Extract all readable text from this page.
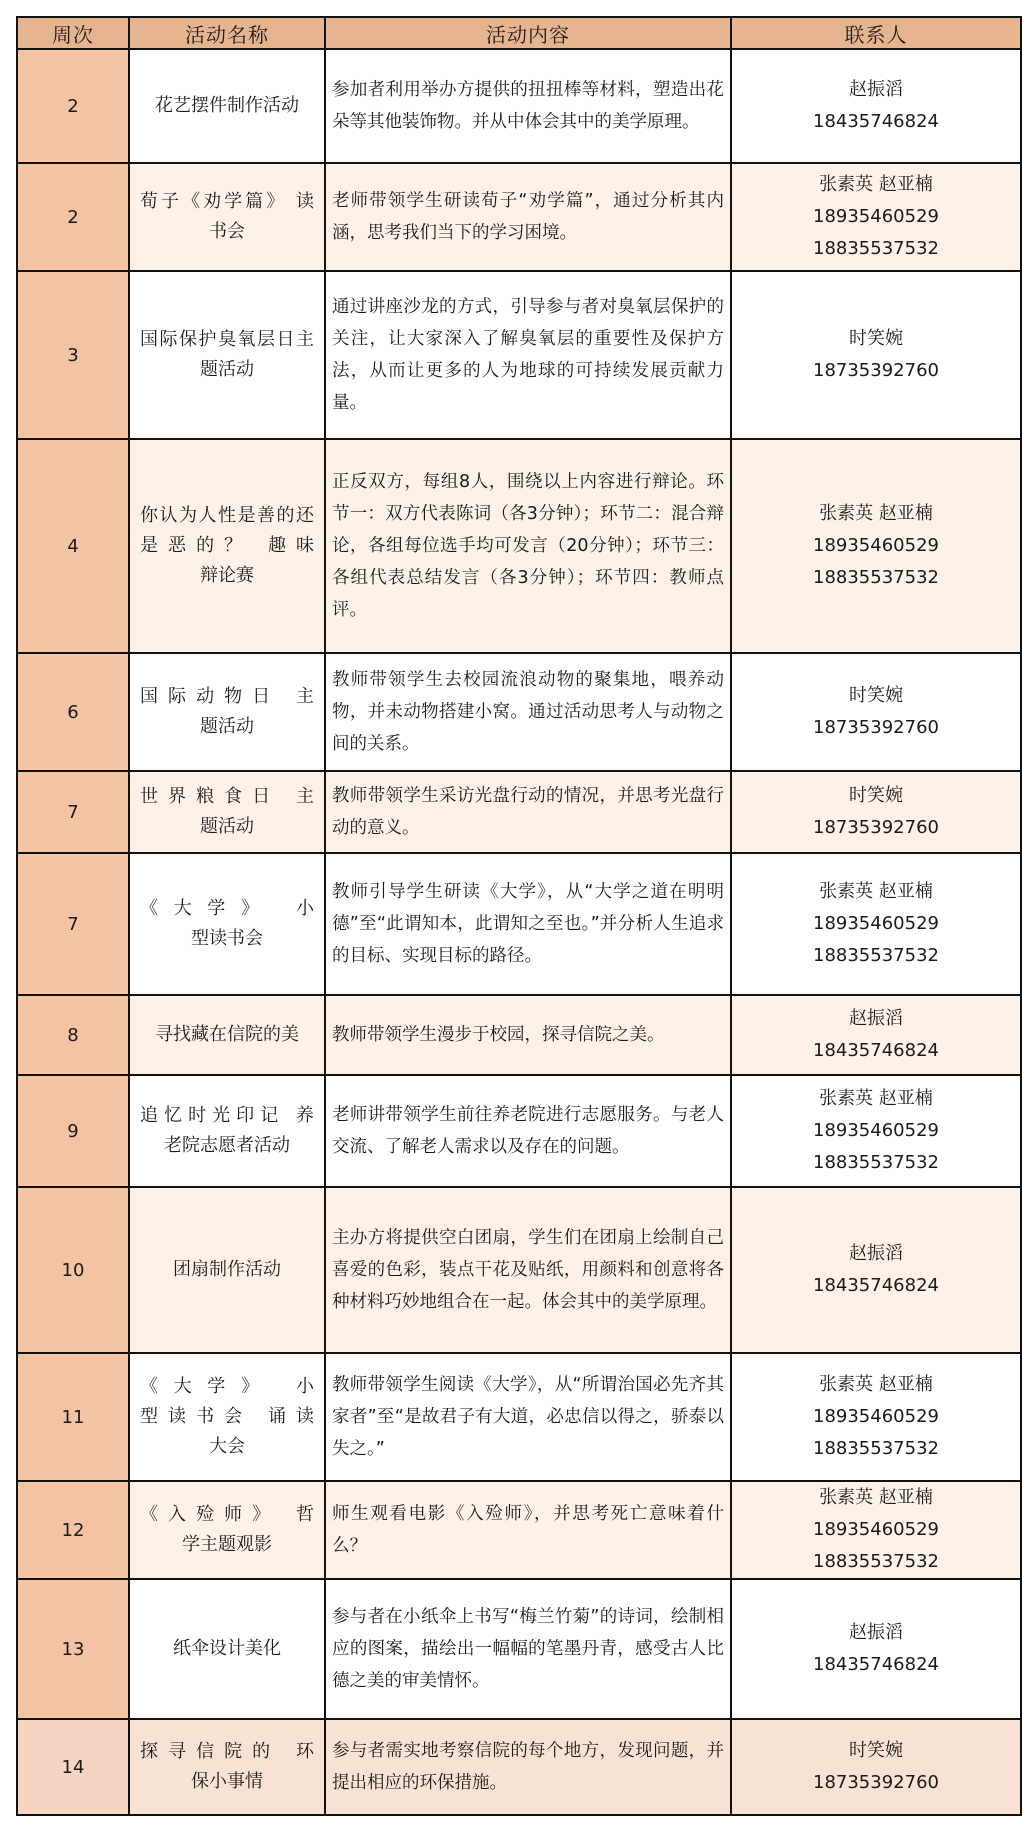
周次	活动名称	活动内容	联系人
2	花艺摆件制作活动	参加者利用举办方提供的扭扭棒等材料，塑造出花朵等其他装饰物。并从中体会其中的美学原理。	赵振滔
18435746824

2	荀子《劝学篇》 读
书会	老师带领学生研读荀子“劝学篇”，通过分析其内涵，思考我们当下的学习困境。	张素英 赵亚楠
18935460529
18835537532

3	国际保护臭氧层日主
题活动	通过讲座沙龙的方式，引导参与者对臭氧层保护的关注，让大家深入了解臭氧层的重要性及保护方法，从而让更多的人为地球的可持续发展贡献力量。	时笑婉
18735392760

4	你认为人性是善的还
是恶的？ 趣味
辩论赛	正反双方，每组8人，围绕以上内容进行辩论。环节一：双方代表陈词（各3分钟）；环节二：混合辩论，各组每位选手均可发言（20分钟）；环节三：各组代表总结发言（各3分钟）；环节四：教师点评。	张素英 赵亚楠
18935460529
18835537532

6	国际动物日 主
题活动	教师带领学生去校园流浪动物的聚集地，喂养动物，并未动物搭建小窝。通过活动思考人与动物之间的关系。	时笑婉
18735392760

7	世界粮食日 主
题活动	教师带领学生采访光盘行动的情况，并思考光盘行动的意义。	时笑婉
18735392760

7	《大学》 小
型读书会	教师引导学生研读《大学》，从“大学之道在明明德”至“此谓知本，此谓知之至也。”并分析人生追求的目标、实现目标的路径。	张素英 赵亚楠
18935460529
18835537532

8	寻找藏在信院的美	教师带领学生漫步于校园，探寻信院之美。	赵振滔
18435746824

9	追忆时光印记 养
老院志愿者活动	老师讲带领学生前往养老院进行志愿服务。与老人交流、了解老人需求以及存在的问题。	张素英 赵亚楠
18935460529
18835537532

10	团扇制作活动	主办方将提供空白团扇，学生们在团扇上绘制自己喜爱的色彩，装点干花及贴纸，用颜料和创意将各种材料巧妙地组合在一起。体会其中的美学原理。	赵振滔
18435746824

11	《大学》 小
型读书会 诵读
大会	教师带领学生阅读《大学》，从“所谓治国必先齐其家者”至“是故君子有大道，必忠信以得之，骄泰以失之。”	张素英 赵亚楠
18935460529
18835537532

12	《入殓师》 哲
学主题观影	师生观看电影《入殓师》，并思考死亡意味着什么？	张素英 赵亚楠
18935460529
18835537532

13	纸伞设计美化	参与者在小纸伞上书写“梅兰竹菊”的诗词，绘制相应的图案，描绘出一幅幅的笔墨丹青，感受古人比德之美的审美情怀。	赵振滔
18435746824

14	探寻信院的 环
保小事情	参与者需实地考察信院的每个地方，发现问题，并提出相应的环保措施。	时笑婉
18735392760
